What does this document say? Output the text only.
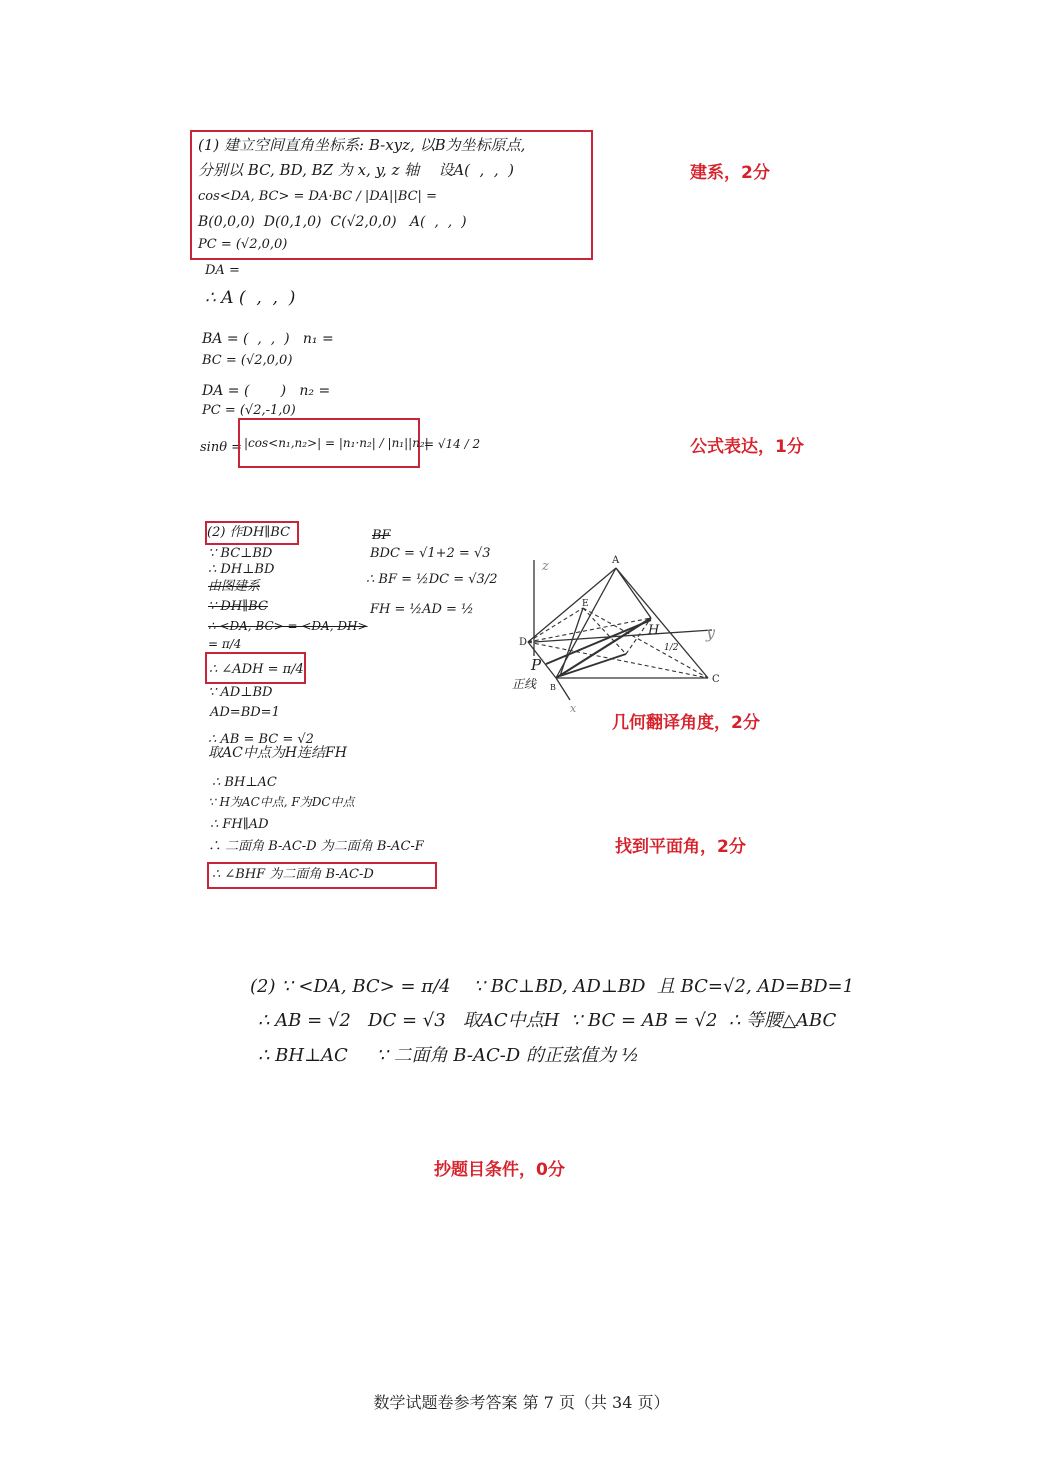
(1) 建立空间直角坐标系: B-xyz, 以B为坐标原点,
分别以 BC, BD, BZ 为 x, y, z 轴    设A(  ,  ,  )
cos<DA, BC> = DA·BC / |DA||BC| =
B(0,0,0)  D(0,1,0)  C(√2,0,0)   A(  ,  ,  )
PC = (√2,0,0)
DA =
∴ A (  ,  ,  )
BA = (  ,  ,  )   n₁ =
BC = (√2,0,0)
DA = (       )   n₂ =
PC = (√2,-1,0)
sinθ = |cos<n₁,n₂>| = |n₁·n₂| / |n₁||n₂|
= √14 / 2
建系，2分
公式表达，1分
(2) 作DH∥BC
∵ BC⊥BD
∴ DH⊥BD
由图建系
∵ DH∥BC
∴ <DA, BC> = <DA, DH>
= π/4
∴ ∠ADH = π/4
∵ AD⊥BD
AD=BD=1
∴ AB = BC = √2
取AC中点为H连结FH
∴ BH⊥AC
∵ H为AC中点, F为DC中点
∴ FH∥AD
∴ 二面角 B-AC-D 为二面角 B-AC-F
∴ ∠BHF 为二面角 B-AC-D
BF
BDC = √1+2 = √3
∴ BF = ½DC = √3/2
FH = ½AD = ½
A
D
C
B
E
H
P
z
y
x
1/2
正线
几何翻译角度，2分
找到平面角，2分
(2) ∵ <DA, BC> = π/4    ∵ BC⊥BD, AD⊥BD  且 BC=√2, AD=BD=1
∴ AB = √2   DC = √3   取AC中点H  ∵ BC = AB = √2  ∴ 等腰△ABC
∴ BH⊥AC     ∵ 二面角 B-AC-D 的正弦值为 ½
抄题目条件，0分
数学试题卷参考答案 第 7 页（共 34 页）
